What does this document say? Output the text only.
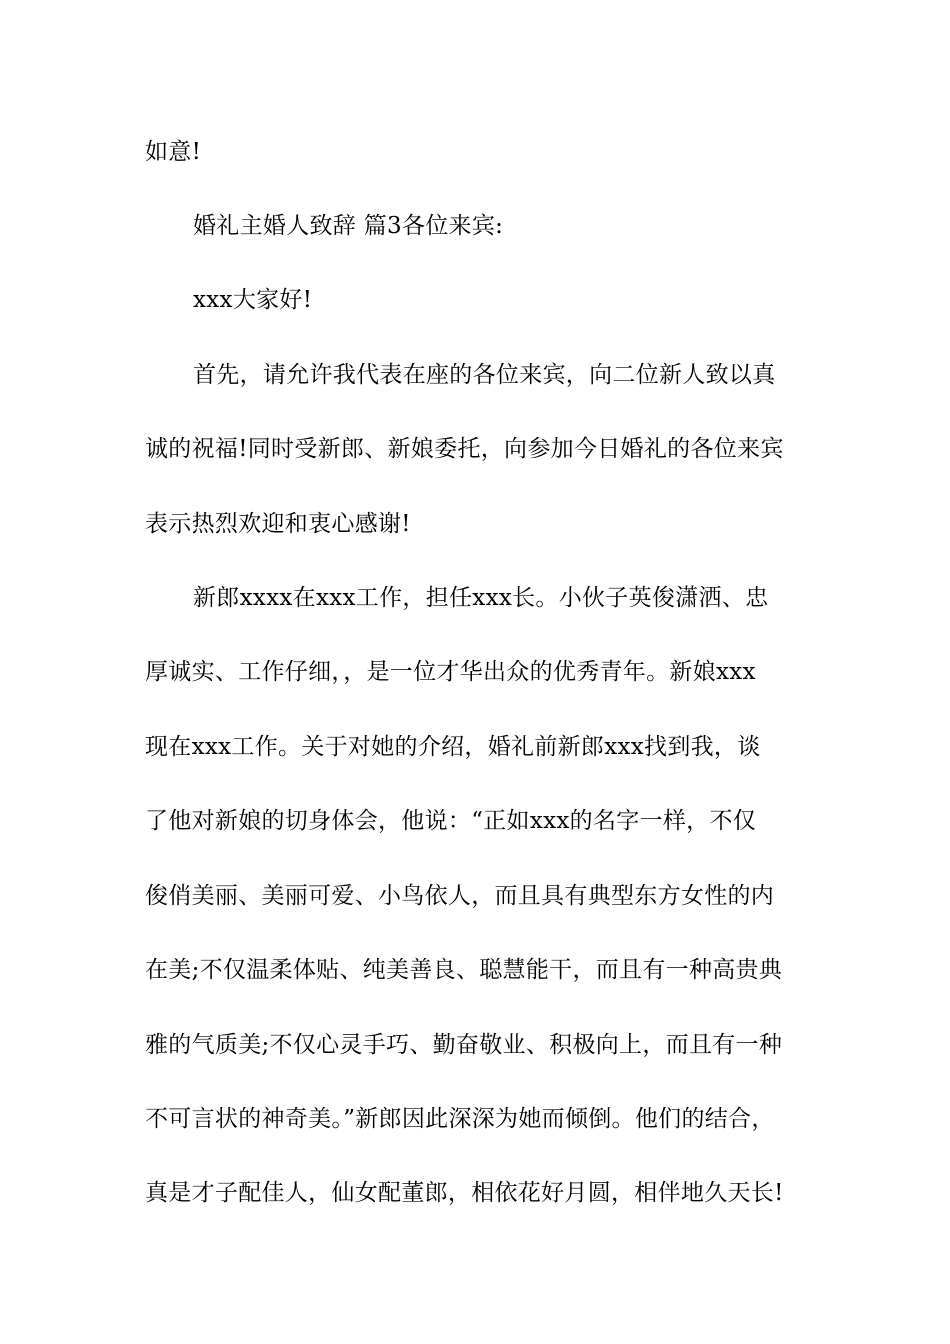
如意!
婚礼主婚人致辞 篇3各位来宾:
xxx大家好!
首先，请允许我代表在座的各位来宾，向二位新人致以真
诚的祝福!同时受新郎、新娘委托，向参加今日婚礼的各位来宾
表示热烈欢迎和衷心感谢!
新郎xxxx在xxx工作，担任xxx长。小伙子英俊潇洒、忠
厚诚实、工作仔细，，是一位才华出众的优秀青年。新娘xxx
现在xxx工作。关于对她的介绍，婚礼前新郎xxx找到我，谈
了他对新娘的切身体会，他说：“正如xxx的名字一样，不仅
俊俏美丽、美丽可爱、小鸟依人，而且具有典型东方女性的内
在美;不仅温柔体贴、纯美善良、聪慧能干，而且有一种高贵典
雅的气质美;不仅心灵手巧、勤奋敬业、积极向上，而且有一种
不可言状的神奇美。”新郎因此深深为她而倾倒。他们的结合，
真是才子配佳人，仙女配董郎，相依花好月圆，相伴地久天长!
